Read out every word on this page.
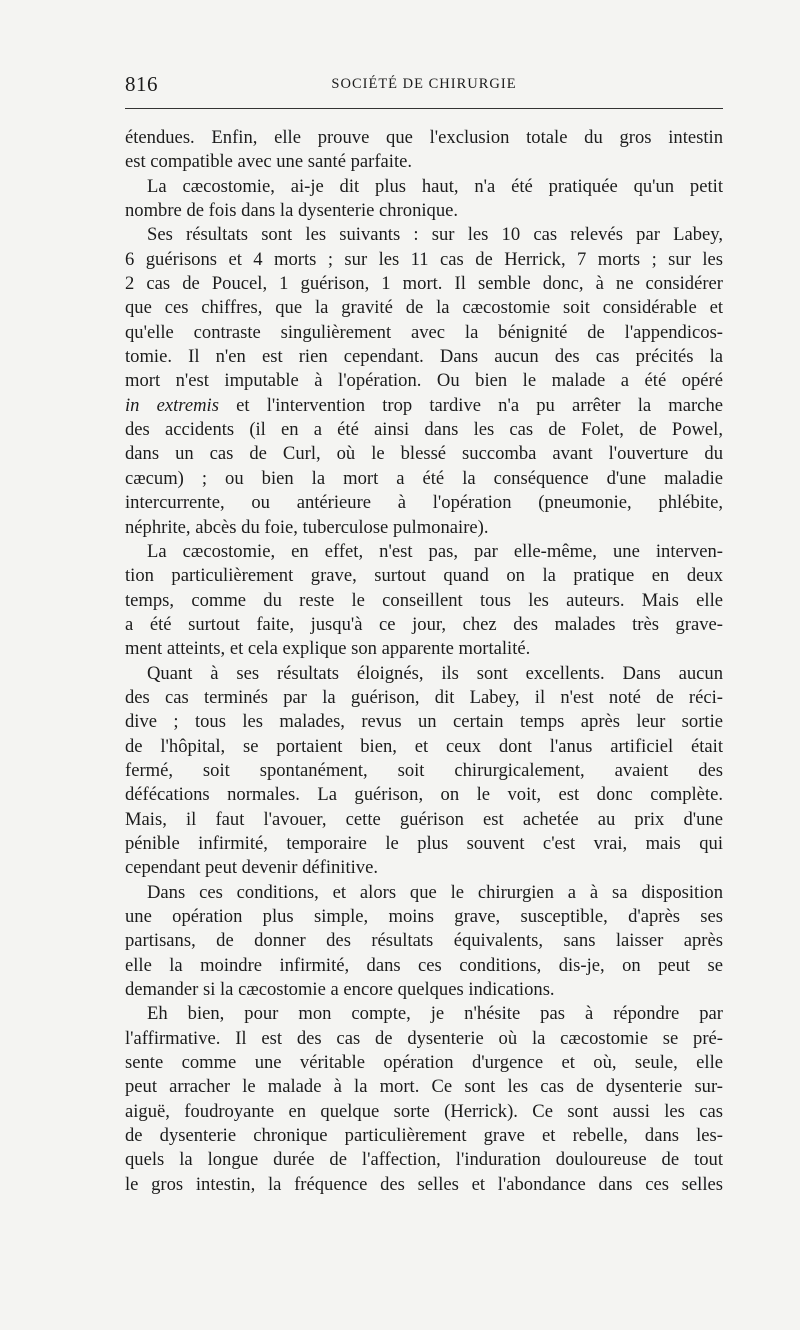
816	SOCIÉTÉ DE CHIRURGIE
étendues. Enfin, elle prouve que l'exclusion totale du gros intestin
est compatible avec une santé parfaite.
La cæcostomie, ai-je dit plus haut, n'a été pratiquée qu'un petit
nombre de fois dans la dysenterie chronique.
Ses résultats sont les suivants : sur les 10 cas relevés par Labey,
6 guérisons et 4 morts ; sur les 11 cas de Herrick, 7 morts ; sur les
2 cas de Poucel, 1 guérison, 1 mort. Il semble donc, à ne considérer
que ces chiffres, que la gravité de la cæcostomie soit considérable et
qu'elle contraste singulièrement avec la bénignité de l'appendicos-
tomie. Il n'en est rien cependant. Dans aucun des cas précités la
mort n'est imputable à l'opération. Ou bien le malade a été opéré
in extremis et l'intervention trop tardive n'a pu arrêter la marche
des accidents (il en a été ainsi dans les cas de Folet, de Powel,
dans un cas de Curl, où le blessé succomba avant l'ouverture du
cæcum) ; ou bien la mort a été la conséquence d'une maladie
intercurrente, ou antérieure à l'opération (pneumonie, phlébite,
néphrite, abcès du foie, tuberculose pulmonaire).
La cæcostomie, en effet, n'est pas, par elle-même, une interven-
tion particulièrement grave, surtout quand on la pratique en deux
temps, comme du reste le conseillent tous les auteurs. Mais elle
a été surtout faite, jusqu'à ce jour, chez des malades très grave-
ment atteints, et cela explique son apparente mortalité.
Quant à ses résultats éloignés, ils sont excellents. Dans aucun
des cas terminés par la guérison, dit Labey, il n'est noté de réci-
dive ; tous les malades, revus un certain temps après leur sortie
de l'hôpital, se portaient bien, et ceux dont l'anus artificiel était
fermé, soit spontanément, soit chirurgicalement, avaient des
défécations normales. La guérison, on le voit, est donc complète.
Mais, il faut l'avouer, cette guérison est achetée au prix d'une
pénible infirmité, temporaire le plus souvent c'est vrai, mais qui
cependant peut devenir définitive.
Dans ces conditions, et alors que le chirurgien a à sa disposition
une opération plus simple, moins grave, susceptible, d'après ses
partisans, de donner des résultats équivalents, sans laisser après
elle la moindre infirmité, dans ces conditions, dis-je, on peut se
demander si la cæcostomie a encore quelques indications.
Eh bien, pour mon compte, je n'hésite pas à répondre par
l'affirmative. Il est des cas de dysenterie où la cæcostomie se pré-
sente comme une véritable opération d'urgence et où, seule, elle
peut arracher le malade à la mort. Ce sont les cas de dysenterie sur-
aiguë, foudroyante en quelque sorte (Herrick). Ce sont aussi les cas
de dysenterie chronique particulièrement grave et rebelle, dans les-
quels la longue durée de l'affection, l'induration douloureuse de tout
le gros intestin, la fréquence des selles et l'abondance dans ces selles
